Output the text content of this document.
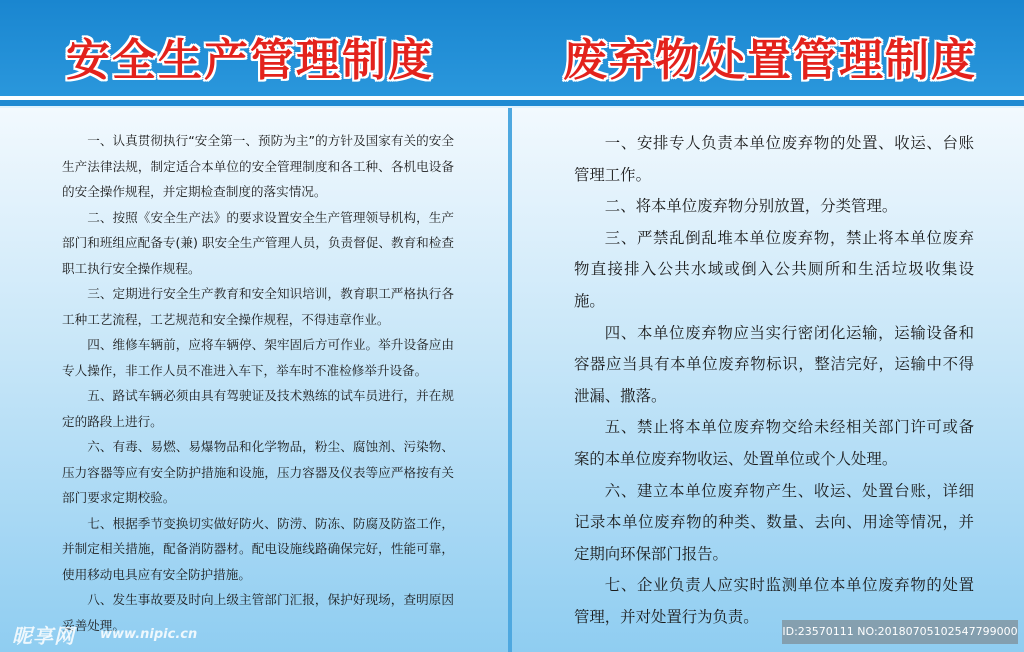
安全生产管理制度	废弃物处置管理制度

一、认真贯彻执行“安全第一、预防为主”的方针及国家有关的安全生产法律法规，制定适合本单位的安全管理制度和各工种、各机电设备的安全操作规程，并定期检查制度的落实情况。

二、按照《安全生产法》的要求设置安全生产管理领导机构，生产部门和班组应配备专(兼) 职安全生产管理人员，负责督促、教育和检查职工执行安全操作规程。

三、定期进行安全生产教育和安全知识培训，教育职工严格执行各工种工艺流程，工艺规范和安全操作规程，不得违章作业。

四、维修车辆前，应将车辆停、架牢固后方可作业。举升设备应由专人操作，非工作人员不准进入车下，举车时不准检修举升设备。

五、路试车辆必须由具有驾驶证及技术熟练的试车员进行，并在规定的路段上进行。

六、有毒、易燃、易爆物品和化学物品，粉尘、腐蚀剂、污染物、压力容器等应有安全防护措施和设施，压力容器及仪表等应严格按有关部门要求定期校验。

七、根据季节变换切实做好防火、防涝、防冻、防腐及防盗工作，并制定相关措施，配备消防器材。配电设施线路确保完好，性能可靠，使用移动电具应有安全防护措施。

八、发生事故要及时向上级主管部门汇报，保护好现场，查明原因妥善处理。

一、安排专人负责本单位废弃物的处置、收运、台账管理工作。

二、将本单位废弃物分别放置，分类管理。

三、严禁乱倒乱堆本单位废弃物，禁止将本单位废弃物直接排入公共水域或倒入公共厕所和生活垃圾收集设施。

四、本单位废弃物应当实行密闭化运输，运输设备和容器应当具有本单位废弃物标识，整洁完好，运输中不得泄漏、撒落。

五、禁止将本单位废弃物交给未经相关部门许可或备案的本单位废弃物收运、处置单位或个人处理。

六、建立本单位废弃物产生、收运、处置台账，详细记录本单位废弃物的种类、数量、去向、用途等情况，并定期向环保部门报告。

七、企业负责人应实时监测单位本单位废弃物的处置管理，并对处置行为负责。

昵享网 www.nipic.cn	ID:23570111 NO:20180705102547799000
